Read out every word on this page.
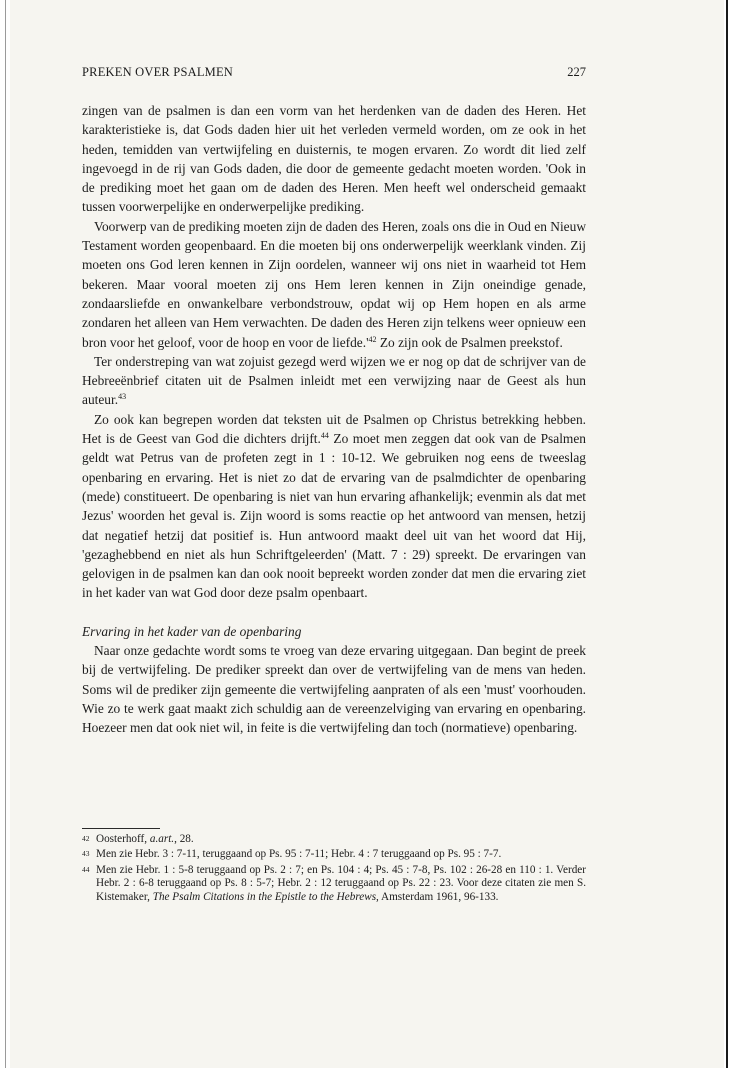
PREKEN OVER PSALMEN	227

zingen van de psalmen is dan een vorm van het herdenken van de daden des Heren. Het karakteristieke is, dat Gods daden hier uit het verleden vermeld worden, om ze ook in het heden, temidden van vertwijfeling en duisternis, te mogen ervaren. Zo wordt dit lied zelf ingevoegd in de rij van Gods daden, die door de gemeente gedacht moeten worden. 'Ook in de prediking moet het gaan om de daden des Heren. Men heeft wel onderscheid gemaakt tussen voorwerpelijke en onderwerpelijke prediking.

Voorwerp van de prediking moeten zijn de daden des Heren, zoals ons die in Oud en Nieuw Testament worden geopenbaard. En die moeten bij ons onderwerpelijk weerklank vinden. Zij moeten ons God leren kennen in Zijn oordelen, wanneer wij ons niet in waarheid tot Hem bekeren. Maar vooral moeten zij ons Hem leren kennen in Zijn oneindige genade, zondaarsliefde en onwankelbare verbondstrouw, opdat wij op Hem hopen en als arme zondaren het alleen van Hem verwachten. De daden des Heren zijn telkens weer opnieuw een bron voor het geloof, voor de hoop en voor de $liefde.'^{42}$ Zo zijn ook de Psalmen preekstof.

Ter onderstreping van wat zojuist gezegd werd wijzen we er nog op dat de schrijver van de Hebreeënbrief citaten uit de Psalmen inleidt met een verwijzing naar de Geest als hun auteur.$^{43}$

Zo ook kan begrepen worden dat teksten uit de Psalmen op Christus betrekking hebben. Het is de Geest van God die dichters drijft.$^{44}$ Zo moet men zeggen dat ook van de Psalmen geldt wat Petrus van de profeten zegt in 1 : 10-12. We gebruiken nog eens de tweeslag openbaring en ervaring. Het is niet zo dat de ervaring van de psalmdichter de openbaring (mede) constitueert. De openbaring is niet van hun ervaring afhankelijk; evenmin als dat met Jezus' woorden het geval is. Zijn woord is soms reactie op het antwoord van mensen, hetzij dat negatief hetzij dat positief is. Hun antwoord maakt deel uit van het woord dat Hij, 'gezaghebbend en niet als hun Schriftgeleerden' (Matt. 7 : 29) spreekt. De ervaringen van gelovigen in de psalmen kan dan ook nooit bepreekt worden zonder dat men die ervaring ziet in het kader van wat God door deze psalm openbaart.

Ervaring in het kader van de openbaring

Naar onze gedachte wordt soms te vroeg van deze ervaring uitgegaan. Dan begint de preek bij de vertwijfeling. De prediker spreekt dan over de vertwijfeling van de mens van heden. Soms wil de prediker zijn gemeente die vertwijfeling aanpraten of als een 'must' voorhouden. Wie zo te werk gaat maakt zich schuldig aan de vereenzelviging van ervaring en openbaring. Hoezeer men dat ook niet wil, in feite is die vertwijfeling dan toch (normatieve) openbaring.

42 Oosterhoff, a.art., 28.
43 Men zie Hebr. 3 : 7-11, teruggaand op Ps. 95 : 7-11; Hebr. 4 : 7 teruggaand op Ps. 95 : 7-7.
44 Men zie Hebr. 1 : 5-8 teruggaand op Ps. 2 : 7; en Ps. 104 : 4; Ps. 45 : 7-8, Ps. 102 : 26-28 en 110 : 1. Verder Hebr. 2 : 6-8 teruggaand op Ps. 8 : 5-7; Hebr. 2 : 12 teruggaand op Ps. 22 : 23. Voor deze citaten zie men S. Kistemaker, The Psalm Citations in the Epistle to the Hebrews, Amsterdam 1961, 96-133.
